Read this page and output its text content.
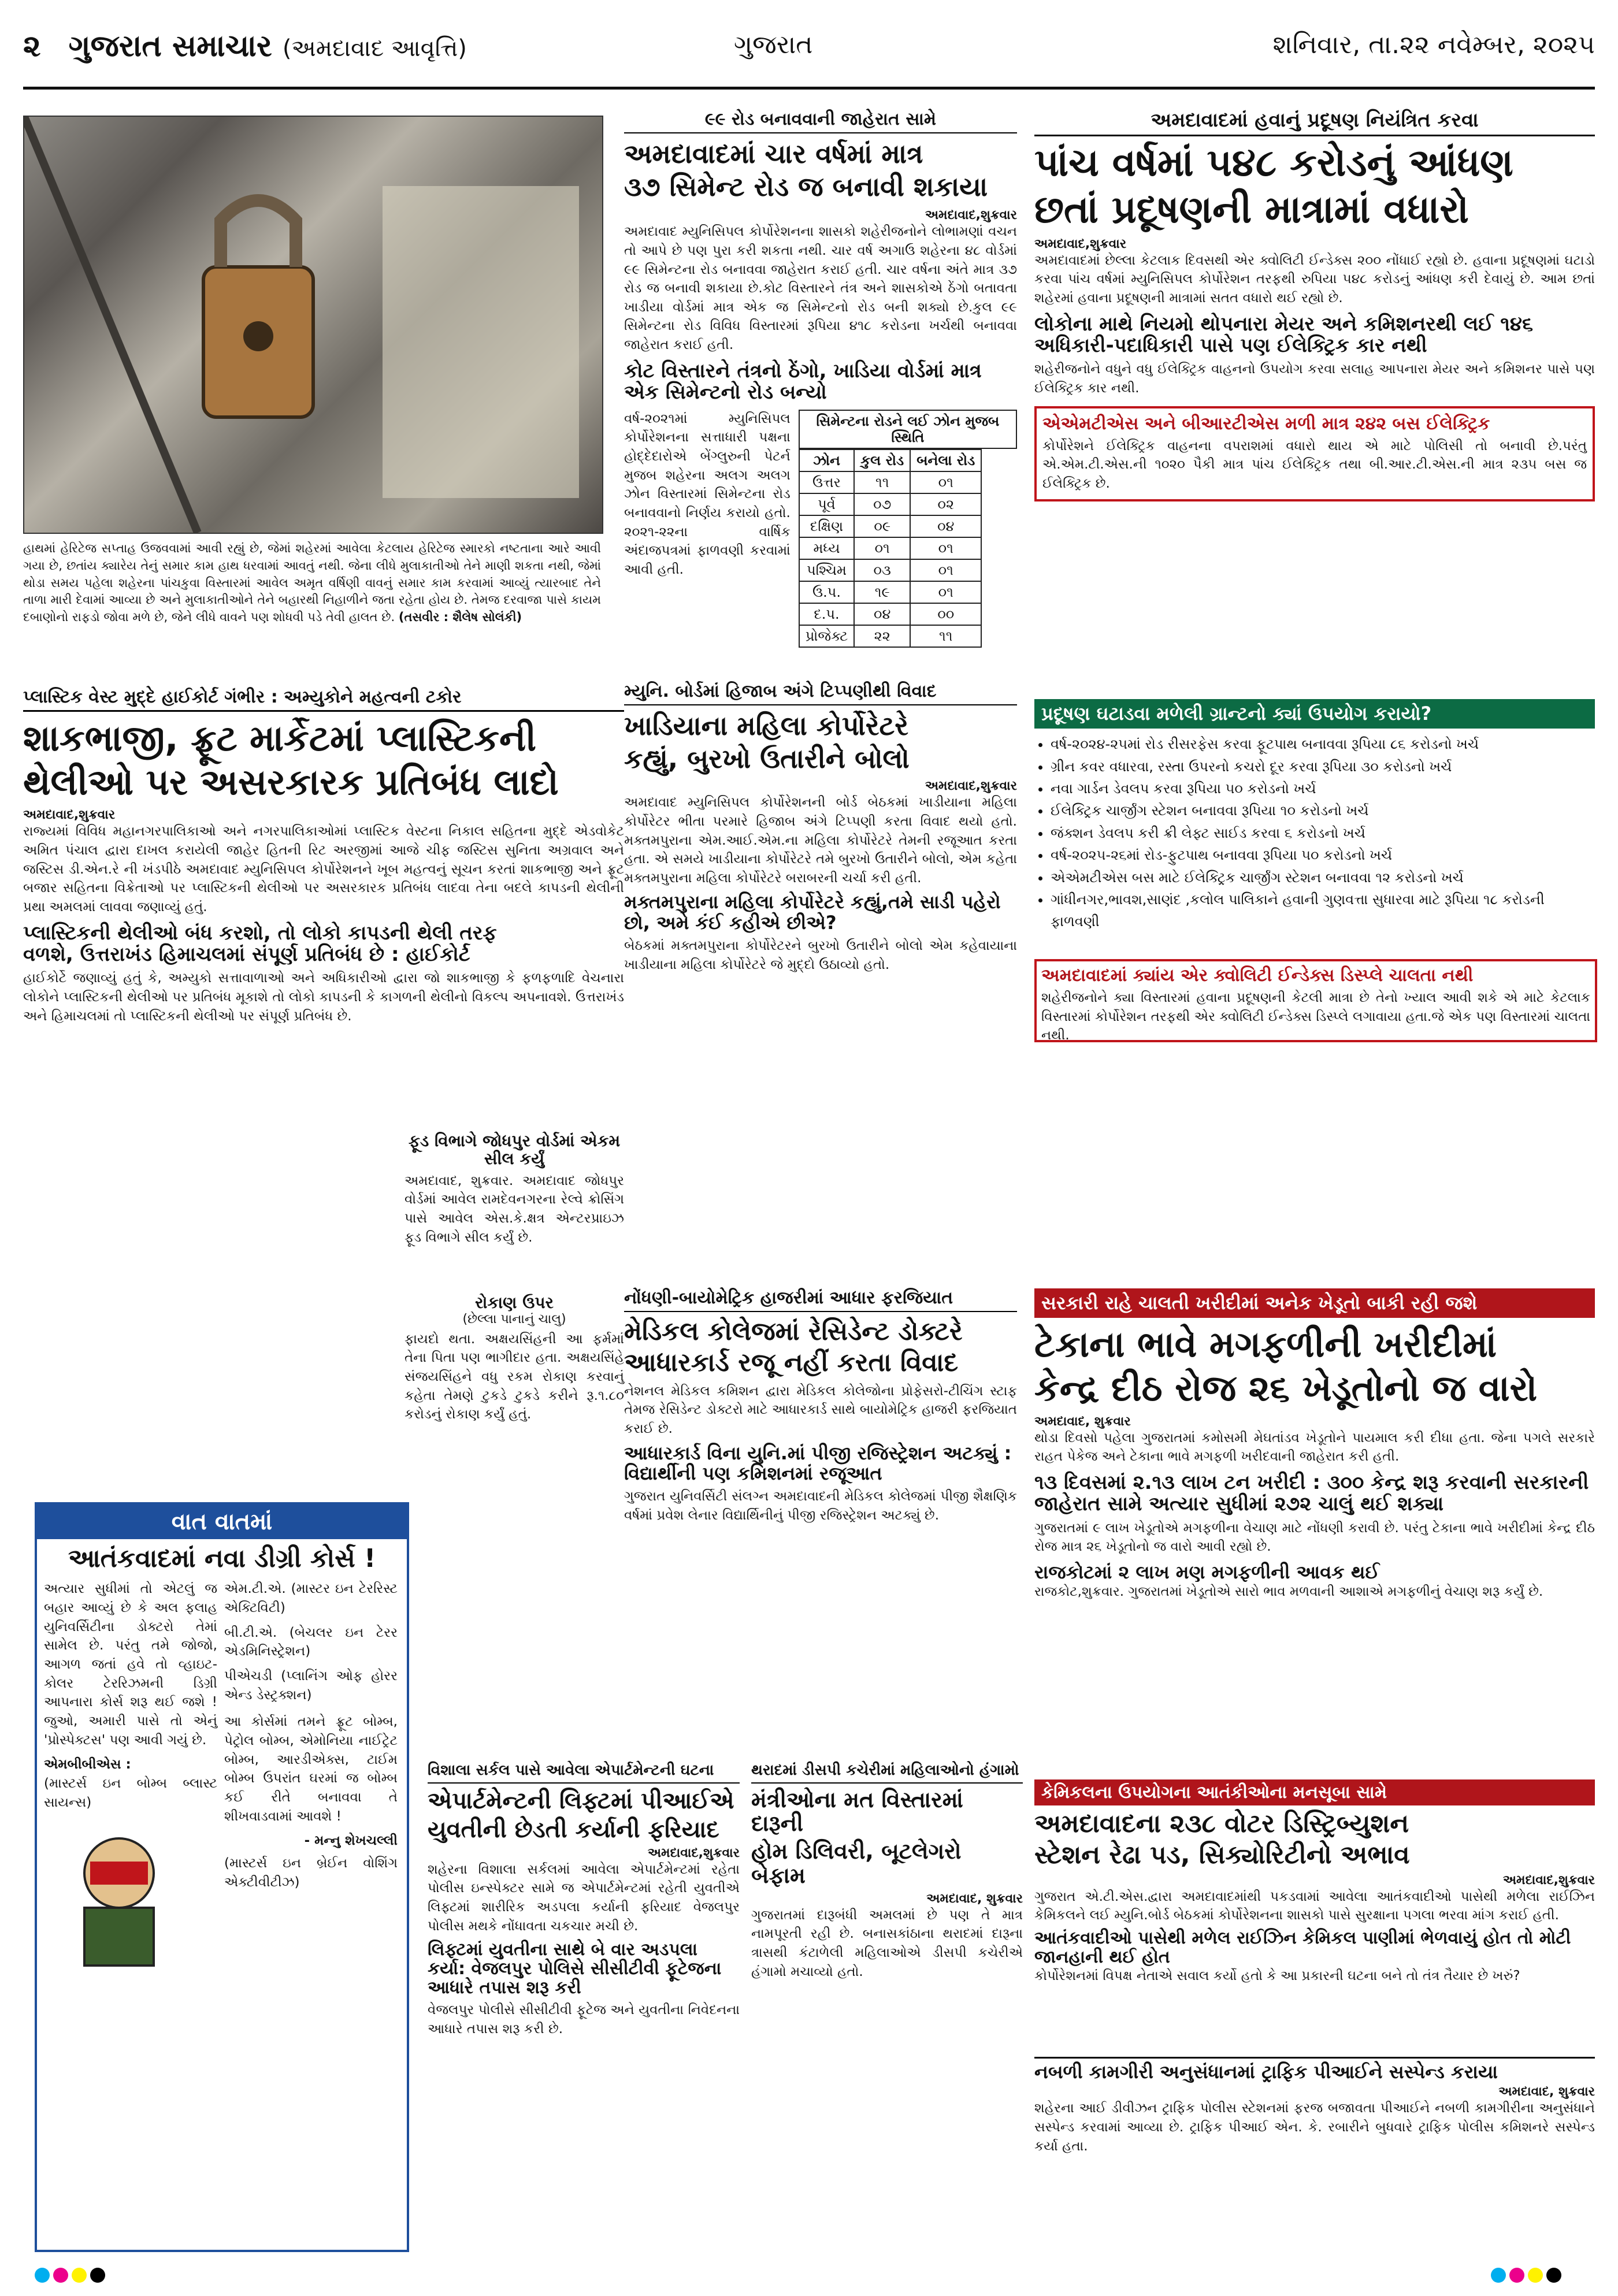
૨ ગુજરાત સમાચાર (અમદાવાદ આવૃત્તિ)	ગુજરાત	શનિવાર, તા.૨૨ નવેમ્બર, ૨૦૨૫
હાથમાં હેરિટેજ સપ્તાહ ઉજવવામાં આવી રહ્યું છે, જેમાં શહેરમાં આવેલા કેટલાય હેરિટેજ સ્મારકો નષ્ટતાના આરે આવી ગયા છે, છતાંય ક્યારેય તેનું સમાર કામ હાથ ધરવામાં આવતું નથી. જેના લીધે મુલાકાતીઓ તેને માણી શકતા નથી, જેમાં થોડા સમય પહેલા શહેરના પાંચકુવા વિસ્તારમાં આવેલ અમૃત વર્ષિણી વાવનું સમાર કામ કરવામાં આવ્યું ત્યારબાદ તેને તાળા મારી દેવામાં આવ્યા છે અને મુલાકાતીઓને તેને બહારથી નિહાળીને જતા રહેતા હોય છે. તેમજ દરવાજા પાસે કાયમ દબાણોનો રાફડો જોવા મળે છે, જેને લીધે વાવને પણ શોધવી પડે તેવી હાલત છે. (તસવીર : શૈલેષ સોલંકી)
૯૯ રોડ બનાવવાની જાહેરાત સામે
અમદાવાદમાં ચાર વર્ષમાં માત્ર
૩૭ સિમેન્ટ રોડ જ બનાવી શકાયા
અમદાવાદ,શુક્રવાર
અમદાવાદ મ્યુનિસિપલ કોર્પોરેશનના શાસકો શહેરીજનોને લોભામણાં વચન તો આપે છે પણ પુરા કરી શકતા નથી. ચાર વર્ષ અગાઉ શહેરના ૪૮ વોર્ડમાં ૯૯ સિમેન્ટના રોડ બનાવવા જાહેરાત કરાઈ હતી. ચાર વર્ષના અંતે માત્ર ૩૭ રોડ જ બનાવી શકાયા છે.કોટ વિસ્તારને તંત્ર અને શાસકોએ ઠેંગો બતાવતા ખાડીયા વોર્ડમાં માત્ર એક જ સિમેન્ટનો રોડ બની શક્યો છે.કુલ ૯૯ સિમેન્ટના રોડ વિવિધ વિસ્તારમાં રૂપિયા ૪૧૮ કરોડના ખર્ચથી બનાવવા જાહેરાત કરાઈ હતી.
કોટ વિસ્તારને તંત્રનો ઠેંગો, ખાડિયા વોર્ડમાં માત્ર એક સિમેન્ટનો રોડ બન્યો
વર્ષ-૨૦૨૧માં મ્યુનિસિપલ કોર્પોરેશનના સત્તાધારી પક્ષના હોદ્દેદારોએ બેંગ્લુરુની પેટર્ન મુજબ શહેરના અલગ અલગ ઝોન વિસ્તારમાં સિમેન્ટના રોડ બનાવવાનો નિર્ણય કરાયો હતો. ૨૦૨૧-૨૨ના વાર્ષિક અંદાજપત્રમાં ફાળવણી કરવામાં આવી હતી.
સિમેન્ટના રોડને લઈ ઝોન મુજબ સ્થિતિ
ઝોન	કુલ રોડ	બનેલા રોડ
ઉત્તર	૧૧	૦૧
પૂર્વ	૦૭	૦૨
દક્ષિણ	૦૯	૦૪
મધ્ય	૦૧	૦૧
પશ્ચિમ	૦૩	૦૧
ઉ.પ.	૧૯	૦૧
દ.પ.	૦૪	૦૦
પ્રોજેક્ટ	૨૨	૧૧
અમદાવાદમાં હવાનું પ્રદૂષણ નિયંત્રિત કરવા
પાંચ વર્ષમાં ૫૪૮ કરોડનું આંધણ
છતાં પ્રદૂષણની માત્રામાં વધારો
અમદાવાદ,શુક્રવાર
અમદાવાદમાં છેલ્લા કેટલાક દિવસથી એર ક્વોલિટી ઈન્ડેક્સ ૨૦૦ નોંધાઈ રહ્યો છે. હવાના પ્રદૂષણમાં ઘટાડો કરવા પાંચ વર્ષમાં મ્યુનિસિપલ કોર્પોરેશન તરફથી રુપિયા ૫૪૮ કરોડનું આંધણ કરી દેવાયું છે. આમ છતાં શહેરમાં હવાના પ્રદૂષણની માત્રામાં સતત વધારો થઈ રહ્યો છે.
લોકોના માથે નિયમો થોપનારા મેયર અને કમિશનરથી લઈ ૧૪૬ અધિકારી-પદાધિકારી પાસે પણ ઈલેક્ટ્રિક કાર નથી
શહેરીજનોને વધુને વધુ ઈલેક્ટ્રિક વાહનનો ઉપયોગ કરવા સલાહ આપનારા મેયર અને કમિશનર પાસે પણ ઈલેક્ટ્રિક કાર નથી.
એએમટીએસ અને બીઆરટીએસ મળી માત્ર ૨૪૨ બસ ઈલેક્ટ્રિક
કોર્પોરેશને ઈલેક્ટ્રિક વાહનના વપરાશમાં વધારો થાય એ માટે પોલિસી તો બનાવી છે.પરંતુ એ.એમ.ટી.એસ.ની ૧૦૨૦ પૈકી માત્ર પાંચ ઈલેક્ટ્રિક તથા બી.આર.ટી.એસ.ની માત્ર ૨૩૫ બસ જ ઈલેક્ટ્રિક છે.
પ્રદૂષણ ઘટાડવા મળેલી ગ્રાન્ટનો ક્યાં ઉપયોગ કરાયો?
• વર્ષ-૨૦૨૪-૨૫માં રોડ રીસરફેસ કરવા ફૂટપાથ બનાવવા રૂપિયા ૮૬ કરોડનો ખર્ચ
• ગ્રીન કવર વધારવા, રસ્તા ઉપરનો કચરો દૂર કરવા રૂપિયા ૩૦ કરોડનો ખર્ચ
• નવા ગાર્ડન ડેવલપ કરવા રૂપિયા ૫૦ કરોડનો ખર્ચ
• ઈલેક્ટ્રિક ચાર્જીંગ સ્ટેશન બનાવવા રૂપિયા ૧૦ કરોડનો ખર્ચ
• જંક્શન ડેવલપ કરી ક્રી લેફ્ટ સાઈડ કરવા ૬ કરોડનો ખર્ચ
• વર્ષ-૨૦૨૫-૨૬માં રોડ-ફુટપાથ બનાવવા રૂપિયા ૫૦ કરોડનો ખર્ચ
• એએમટીએસ બસ માટે ઈલેક્ટ્રિક ચાર્જીંગ સ્ટેશન બનાવવા ૧૨ કરોડનો ખર્ચ
• ગાંધીનગર,ભાવશ,સાણંદ ,કલોલ પાલિકાને હવાની ગુણવત્તા સુધારવા માટે રૂપિયા ૧૮ કરોડની ફાળવણી
અમદાવાદમાં ક્યાંય એર ક્વોલિટી ઈન્ડેક્સ ડિસ્પ્લે ચાલતા નથી
શહેરીજનોને ક્યા વિસ્તારમાં હવાના પ્રદૂષણની કેટલી માત્રા છે તેનો ખ્યાલ આવી શકે એ માટે કેટલાક વિસ્તારમાં કોર્પોરેશન તરફથી એર ક્વોલિટી ઈન્ડેક્સ ડિસ્પ્લે લગાવાયા હતા.જે એક પણ વિસ્તારમાં ચાલતા નથી.
પ્લાસ્ટિક વેસ્ટ મુદ્દે હાઈકોર્ટ ગંભીર : અમ્યુકોને મહત્વની ટકોર
શાકભાજી, ફ્રૂટ માર્કેટમાં પ્લાસ્ટિકની
થેલીઓ પર અસરકારક પ્રતિબંધ લાદો
અમદાવાદ,શુક્રવાર
રાજ્યમાં વિવિધ મહાનગરપાલિકાઓ અને નગરપાલિકાઓમાં પ્લાસ્ટિક વેસ્ટના નિકાલ સહિતના મુદ્દે એડવોકેટ અમિત પંચાલ દ્વારા દાખલ કરાયેલી જાહેર હિતની રિટ અરજીમાં આજે ચીફ જસ્ટિસ સુનિતા અગ્રવાલ અને જસ્ટિસ ડી.એન.રે ની ખંડપીઠે અમદાવાદ મ્યુનિસિપલ કોર્પોરેશનને ખૂબ મહત્વનું સૂચન કરતાં શાકભાજી અને ફ્રૂટ બજાર સહિતના વિક્રેતાઓ પર પ્લાસ્ટિકની થેલીઓ પર અસરકારક પ્રતિબંધ લાદવા તેના બદલે કાપડની થેલીની પ્રથા અમલમાં લાવવા જણાવ્યું હતું.
પ્લાસ્ટિકની થેલીઓ બંધ કરશો, તો લોકો કાપડની થેલી તરફ
વળશે, ઉત્તરાખંડ હિમાચલમાં સંપૂર્ણ પ્રતિબંધ છે : હાઈકોર્ટ
હાઈકોર્ટે જણાવ્યું હતું કે, અમ્યુકો સત્તાવાળાઓ અને અધિકારીઓ દ્વારા જો શાકભાજી કે ફળફળાદિ વેચનારા લોકોને પ્લાસ્ટિકની થેલીઓ પર પ્રતિબંધ મૂકાશે તો લોકો કાપડની કે કાગળની થેલીનો વિકલ્પ અપનાવશે. ઉત્તરાખંડ અને હિમાચલમાં તો પ્લાસ્ટિકની થેલીઓ પર સંપૂર્ણ પ્રતિબંધ છે.
ફૂડ વિભાગે જોધપુર વોર્ડમાં એકમ સીલ કર્યું
અમદાવાદ, શુક્રવાર. અમદાવાદ જોધપુર વોર્ડમાં આવેલ રામદેવનગરના રેલ્વે ક્રોસિંગ પાસે આવેલ એસ.કે.ક્ષત્ર એન્ટરપ્રાઇઝ ફૂડ વિભાગે સીલ કર્યું છે.
રોકાણ ઉપર
(છેલ્લા પાનાનું ચાલુ)
ફાયદો થતા. અક્ષયસિંહની આ ફર્મમાં તેના પિતા પણ ભાગીદાર હતા. અક્ષયસિંહે સંજયસિંહને વધુ રકમ રોકાણ કરવાનું કહેતા તેમણે ટુકડે ટુકડે કરીને રૂ.૧.૮૦ કરોડનું રોકાણ કર્યું હતું.
મ્યુનિ. બોર્ડમાં હિજાબ અંગે ટિપ્પણીથી વિવાદ
ખાડિયાના મહિલા કોર્પોરેટરે
કહ્યું, બુરખો ઉતારીને બોલો
અમદાવાદ,શુક્રવાર
અમદાવાદ મ્યુનિસિપલ કોર્પોરેશનની બોર્ડ બેઠકમાં ખાડીયાના મહિલા કોર્પોરેટર ભીતા પરમારે હિજાબ અંગે ટિપ્પણી કરતા વિવાદ થયો હતો. મક્તમપુરાના એમ.આઈ.એમ.ના મહિલા કોર્પોરેટરે તેમની રજૂઆત કરતા હતા. એ સમયે ખાડીયાના કોર્પોરેટરે તમે બુરખો ઉતારીને બોલો, એમ કહેતા મક્તમપુરાના મહિલા કોર્પોરેટરે બરાબરની ચર્ચા કરી હતી.
મક્તમપુરાના મહિલા કોર્પોરેટરે કહ્યું,તમે સાડી પહેરો છો, અમે કંઈ કહીએ છીએ?
બેઠકમાં મક્તમપુરાના કોર્પોરેટરને બુરખો ઉતારીને બોલો એમ કહેવાયાના ખાડીયાના મહિલા કોર્પોરેટરે જે મુદ્દો ઉઠાવ્યો હતો.
નોંધણી-બાયોમેટ્રિક હાજરીમાં આધાર ફરજિયાત
મેડિકલ કોલેજમાં રેસિડેન્ટ ડોક્ટરે
આધારકાર્ડ રજૂ નહીં કરતા વિવાદ
નેશનલ મેડિકલ કમિશન દ્વારા મેડિકલ કોલેજોના પ્રોફેસરો-ટીચિંગ સ્ટાફ તેમજ રેસિડેન્ટ ડોક્ટરો માટે આધારકાર્ડ સાથે બાયોમેટ્રિક હાજરી ફરજિયાત કરાઈ છે.
આધારકાર્ડ વિના યુનિ.માં પીજી રજિસ્ટ્રેશન અટક્યું : વિદ્યાર્થીની પણ કમિશનમાં રજૂઆત
ગુજરાત યુનિવર્સિટી સંલગ્ન અમદાવાદની મેડિકલ કોલેજમાં પીજી શૈક્ષણિક વર્ષમાં પ્રવેશ લેનાર વિદ્યાર્થિનીનું પીજી રજિસ્ટ્રેશન અટક્યું છે.
વાત વાતમાં
આતંકવાદમાં નવા ડીગ્રી કોર્સ !
અત્યાર સુધીમાં તો એટલું જ બહાર આવ્યું છે કે અલ ફલાહ યુનિવર્સિટીના ડોક્ટરો તેમાં સામેલ છે. પરંતુ તમે જોજો, આગળ જતાં હવે તો વ્હાઇટ-કોલર ટેરરિઝમની ડિગ્રી આપનારા કોર્સ શરૂ થઈ જશે ! જુઓ, અમારી પાસે તો એનું 'પ્રોસ્પેક્ટસ' પણ આવી ગયું છે.
એમબીબીએસ :
(માસ્ટર્સ ઇન બોમ્બ બ્લાસ્ટ સાયન્સ)
એમ.ટી.એ. (માસ્ટર ઇન ટેરરિસ્ટ એક્ટિવિટી)
બી.ટી.એ. (બેચલર ઇન ટેરર એડમિનિસ્ટ્રેશન)
પીએચડી (પ્લાનિંગ ઓફ હોરર એન્ડ ડેસ્ટ્રક્શન)
આ કોર્સમાં તમને ફ્રૂટ બોમ્બ, પેટ્રોલ બોમ્બ, એમોનિયા નાઈટ્રેટ બોમ્બ, આરડીએક્સ, ટાઈમ બોમ્બ ઉપરાંત ઘરમાં જ બોમ્બ કઈ રીતે બનાવવા તે શીખવાડવામાં આવશે !
- મન્નુ શેખચલ્લી
(માસ્ટર્સ ઇન બ્રેઈન વોશિંગ એક્ટીવીટીઝ)
સરકારી રાહે ચાલતી ખરીદીમાં અનેક ખેડૂતો બાકી રહી જશે
ટેકાના ભાવે મગફળીની ખરીદીમાં
કેન્દ્ર દીઠ રોજ ૨૬ ખેડૂતોનો જ વારો
અમદાવાદ, શુક્રવાર
થોડા દિવસો પહેલા ગુજરાતમાં કમોસમી મેઘતાંડવ ખેડૂતોને પાયમાલ કરી દીધા હતા. જેના પગલે સરકારે રાહત પેકેજ અને ટેકાના ભાવે મગફળી ખરીદવાની જાહેરાત કરી હતી.
૧૩ દિવસમાં ૨.૧૩ લાખ ટન ખરીદી : ૩૦૦ કેન્દ્ર શરૂ કરવાની સરકારની જાહેરાત સામે અત્યાર સુધીમાં ૨૭૨ ચાલું થઈ શક્યા
ગુજરાતમાં ૯ લાખ ખેડૂતોએ મગફળીના વેચાણ માટે નોંધણી કરાવી છે. પરંતુ ટેકાના ભાવે ખરીદીમાં કેન્દ્ર દીઠ રોજ માત્ર ૨૬ ખેડૂતોનો જ વારો આવી રહ્યો છે.
રાજકોટમાં ૨ લાખ મણ મગફળીની આવક થઈ
રાજકોટ,શુક્રવાર. ગુજરાતમાં ખેડૂતોએ સારો ભાવ મળવાની આશાએ મગફળીનું વેચાણ શરૂ કર્યું છે.
કેમિકલના ઉપયોગના આતંકીઓના મનસૂબા સામે
અમદાવાદના ૨૩૮ વોટર ડિસ્ટ્રિબ્યુશન
સ્ટેશન રેઢા પડ, સિક્યોરિટીનો અભાવ
અમદાવાદ,શુક્રવાર
ગુજરાત એ.ટી.એસ.દ્વારા અમદાવાદમાંથી પકડવામાં આવેલા આતંકવાદીઓ પાસેથી મળેલા રાઈઝિન કેમિકલને લઈ મ્યુનિ.બોર્ડ બેઠકમાં કોર્પોરેશનના શાસકો પાસે સુરક્ષાના પગલા ભરવા માંગ કરાઈ હતી.
આતંકવાદીઓ પાસેથી મળેલ રાઈઝિન કેમિકલ પાણીમાં ભેળવાયું હોત તો મોટી જાનહાની થઈ હોત
કોર્પોરેશનમાં વિપક્ષ નેતાએ સવાલ કર્યો હતો કે આ પ્રકારની ઘટના બને તો તંત્ર તૈયાર છે ખરું?
વિશાલા સર્કલ પાસે આવેલા એપાર્ટમેન્ટની ઘટના
એપાર્ટમેન્ટની લિફ્ટમાં પીઆઈએ
યુવતીની છેડતી કર્યાની ફરિયાદ
અમદાવાદ,શુક્રવાર
શહેરના વિશાલા સર્કલમાં આવેલા એપાર્ટમેન્ટમાં રહેતા પોલીસ ઇન્સ્પેક્ટર સામે જ એપાર્ટમેન્ટમાં રહેતી યુવતીએ લિફ્ટમાં શારીરિક અડપલા કર્યાની ફરિયાદ વેજલપુર પોલીસ મથકે નોંધાવતા ચકચાર મચી છે.
લિફ્ટમાં યુવતીના સાથે બે વાર અડપલા કર્યા: વેજલપુર પોલિસે સીસીટીવી ફૂટેજના આધારે તપાસ શરૂ કરી
વેજલપુર પોલીસે સીસીટીવી ફૂટેજ અને યુવતીના નિવેદનના આધારે તપાસ શરૂ કરી છે.
થરાદમાં ડીસપી કચેરીમાં મહિલાઓનો હંગામો
મંત્રીઓના મત વિસ્તારમાં દારૂની
હોમ ડિલિવરી, બૂટલેગરો બેફામ
અમદાવાદ, શુક્રવાર
ગુજરાતમાં દારૂબંધી અમલમાં છે પણ તે માત્ર નામપૂરતી રહી છે. બનાસકાંઠાના થરાદમાં દારૂના ત્રાસથી કંટાળેલી મહિલાઓએ ડીસપી કચેરીએ હંગામો મચાવ્યો હતો.
નબળી કામગીરી અનુસંધાનમાં ટ્રાફિક પીઆઈને સસ્પેન્ડ કરાયા
અમદાવાદ, શુક્રવાર
શહેરના આઈ ડીવીઝન ટ્રાફિક પોલીસ સ્ટેશનમાં ફરજ બજાવતા પીઆઈને નબળી કામગીરીના અનુસંધાને સસ્પેન્ડ કરવામાં આવ્યા છે. ટ્રાફિક પીઆઈ એન. કે. રબારીને બુધવારે ટ્રાફિક પોલીસ કમિશનરે સસ્પેન્ડ કર્યા હતા.
